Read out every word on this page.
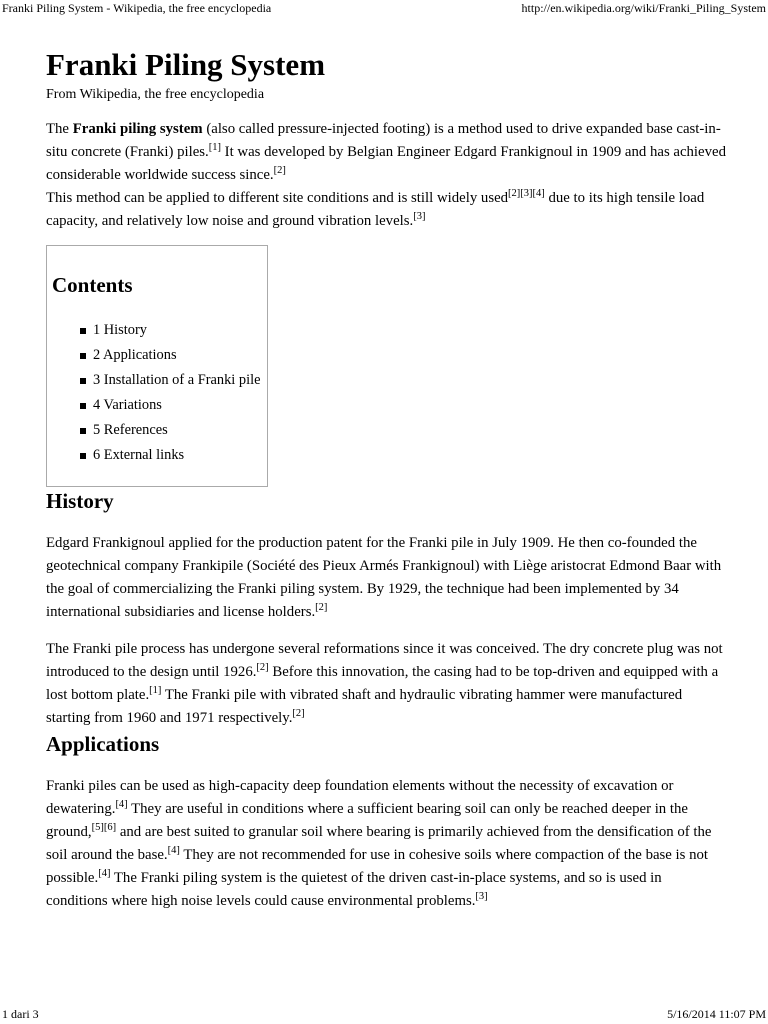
Franki Piling System - Wikipedia, the free encyclopedia	http://en.wikipedia.org/wiki/Franki_Piling_System
Franki Piling System
From Wikipedia, the free encyclopedia

The Franki piling system (also called pressure-injected footing) is a method used to drive expanded base cast-in-situ concrete (Franki) piles.[1] It was developed by Belgian Engineer Edgard Frankignoul in 1909 and has achieved considerable worldwide success since.[2]

This method can be applied to different site conditions and is still widely used[2][3][4] due to its high tensile load capacity, and relatively low noise and ground vibration levels.[3]

Contents
1 History
2 Applications
3 Installation of a Franki pile
4 Variations
5 References
6 External links
History

Edgard Frankignoul applied for the production patent for the Franki pile in July 1909. He then co-founded the geotechnical company Frankipile (Société des Pieux Armés Frankignoul) with Liège aristocrat Edmond Baar with the goal of commercializing the Franki piling system. By 1929, the technique had been implemented by 34 international subsidiaries and license holders.[2]

The Franki pile process has undergone several reformations since it was conceived. The dry concrete plug was not introduced to the design until 1926.[2] Before this innovation, the casing had to be top-driven and equipped with a lost bottom plate.[1] The Franki pile with vibrated shaft and hydraulic vibrating hammer were manufactured starting from 1960 and 1971 respectively.[2]

Applications

Franki piles can be used as high-capacity deep foundation elements without the necessity of excavation or dewatering.[4] They are useful in conditions where a sufficient bearing soil can only be reached deeper in the ground,[5][6] and are best suited to granular soil where bearing is primarily achieved from the densification of the soil around the base.[4] They are not recommended for use in cohesive soils where compaction of the base is not possible.[4] The Franki piling system is the quietest of the driven cast-in-place systems, and so is used in conditions where high noise levels could cause environmental problems.[3]

1 dari 3	5/16/2014 11:07 PM
